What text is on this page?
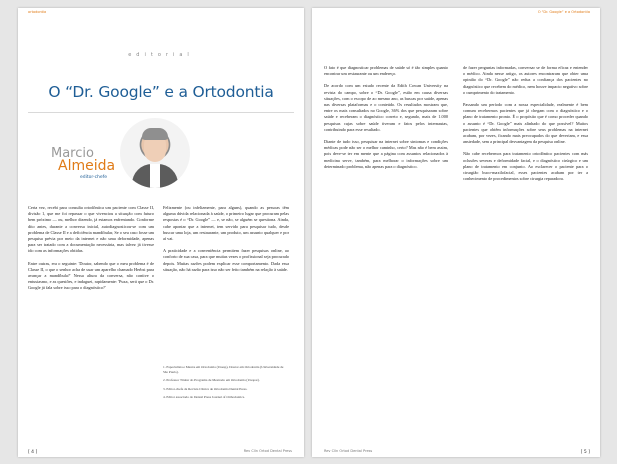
ortodontia
editorial
O “Dr. Google” e a Ortodontia
Marcio
Almeida
editor-chefe

Certa vez, recebi para consulta ortodôntica um paciente com Classe II, divisão 1, que me foi repassar o que vivenciou a situação com futuro bem próximo — ou, melhor dizendo, já estamos enfrentando. Conforme dito antes, durante a conversa inicial, autodiagnosticou-se com um problema de Classe II e a deficiência mandibular, Se o seu caso fosse um pesquisa prévia por meio da internet e não uma deformidade, apenas para ser tratado com a documentação necessária, mas talvez já tivesse ido com as informações obtidas.

Entre outras, era o seguinte: 'Doutor, sabendo que o meu problema é de Classe II, o que o senhor acha de usar um aparelho chamado Herbst para avançar a mandíbula?' Nessa altura da conversa, não contive o entusiasmo, e as questões, e indaguei, rapidamente: 'Puxa, será que o Dr. Google já fala sobre isso para o diagnóstico?'

Felizmente (ou infelizmente, para alguns), quando as pessoas têm alguma dúvida relacionada à saúde, o primeiro lugar que procuram pelas respostas é o “Dr. Google” — e, se não, se alguém se questiona. Ainda, cabe apontar que a internet, tem servido para pesquisar tudo, desde buscar uma loja, um restaurante, um produto, um assunto qualquer e por aí vai.

A praticidade e a conveniência permitem fazer pesquisas online, ao conforto de sua casa, para que muitas vezes o profissional seja procurado depois. Muitas razões podem explicar esse comportamento. Dada essa situação, não há razão para isso não ser feito também na relação à saúde.

1. Especialista e Mestre em Ortodontia (Unesp), Doutor em Ortodontia (Universidade de São Paulo).
2. Professor Titular do Programa de Mestrado em Ortodontia (Unopar).
3. Editor-chefe da Revista Clínica de Ortodontia Dental Press.
4. Editor associado do Dental Press Journal of Orthodontics.
[ 4 ]	Rev Clín Ortod Dental Press
O “Dr. Google” e a Ortodontia

O fato é que diagnosticar problemas de saúde só é tão simples quanto encontrar um restaurante ou um endereço.

De acordo com um estudo recente da Edith Cowan University na revista do campo, sobre o “Dr. Google”, estão em causa diversas situações, com o escopo de ao mesmo ano, as buscas por saúde, apenas nas diversas plataformas e o conteúdo. Os resultados mostram que, entre os mais consultados no Google, 36% dos que pesquisaram sobre saúde e receberam o diagnóstico correto e, segundo, mais de 1.000 pesquisas cujas sobre saúde tiveram e fatos pelos internautas, contribuindo para esse resultado.

Diante de tudo isso, pesquisar na internet sobre sintomas e condições médicas pode não ser o melhor caminho, certo? Mas não é bem assim, pois deve-se ter em mente que a página com assuntos relacionados à medicina serve, também, para melhorar o informações sobre um determinado problema, não apenas para o diagnóstico.

de fazer perguntas informadas, conversar se de forma eficaz e entender o médico. Ainda nesse artigo, os autores encontraram que obter uma opinião do “Dr. Google” não reduz a confiança dos pacientes no diagnóstico que recebem do médico, nem houve impacto negativo sobre o cumprimento do tratamento.

Passando um período com a nossa especialidade, realmente é bem comum recebermos pacientes que já chegam com o diagnóstico e o plano de tratamento pronto. É o propósito que é como proceder quando o assunto é “Dr. Google” mais alinhado do que possível? Muitos pacientes que obtêm informações sobre seus problemas na internet acabam, por vezes, ficando mais preocupados do que deveriam, e essa ansiedade, sem a principal desvantagem da pesquisa online.

Não cabe recebermos para tratamento ortodôntico pacientes com más oclusões severas e deformidade facial, e o diagnóstico cirúrgico e um plano de tratamento em conjunto. Ao esclarecer o paciente para o cirurgião buco-maxilofacial, esses pacientes acabam por ter a conhecimento de procedimentos sobre cirurgia reparadora.

Rev Clín Ortod Dental Press	[ 5 ]
